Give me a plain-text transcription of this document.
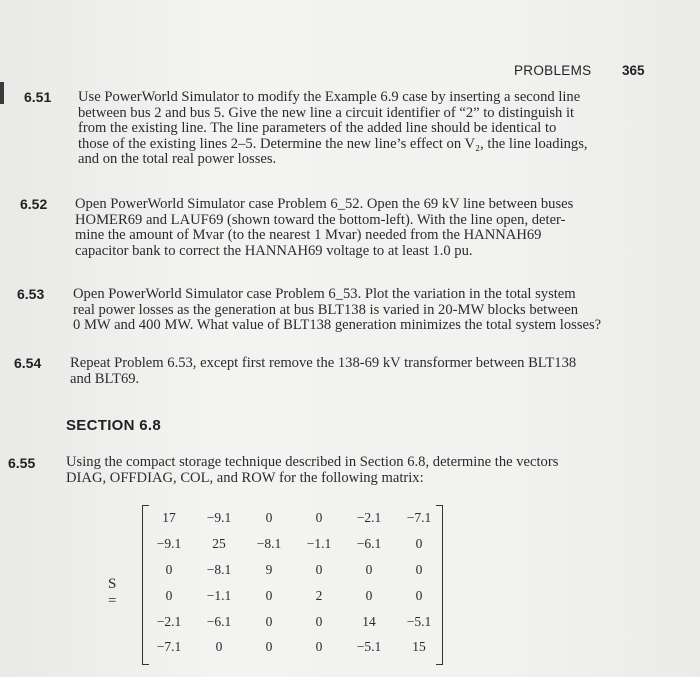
PROBLEMS 365
6.51 Use PowerWorld Simulator to modify the Example 6.9 case by inserting a second line
between bus 2 and bus 5. Give the new line a circuit identifier of “2” to distinguish it
from the existing line. The line parameters of the added line should be identical to
those of the existing lines 2–5. Determine the new line’s effect on V₂, the line loadings,
and on the total real power losses.
6.52 Open PowerWorld Simulator case Problem 6_52. Open the 69 kV line between buses
HOMER69 and LAUF69 (shown toward the bottom-left). With the line open, deter-
mine the amount of Mvar (to the nearest 1 Mvar) needed from the HANNAH69
capacitor bank to correct the HANNAH69 voltage to at least 1.0 pu.
6.53 Open PowerWorld Simulator case Problem 6_53. Plot the variation in the total system
real power losses as the generation at bus BLT138 is varied in 20-MW blocks between
0 MW and 400 MW. What value of BLT138 generation minimizes the total system losses?
6.54 Repeat Problem 6.53, except first remove the 138-69 kV transformer between BLT138
and BLT69.
SECTION 6.8
6.55 Using the compact storage technique described in Section 6.8, determine the vectors
DIAG, OFFDIAG, COL, and ROW for the following matrix:
S =
17	−9.1	0	0	−2.1	−7.1
−9.1	25	−8.1	−1.1	−6.1	0
0	−8.1	9	0	0	0
0	−1.1	0	2	0	0
−2.1	−6.1	0	0	14	−5.1
−7.1	0	0	0	−5.1	15
